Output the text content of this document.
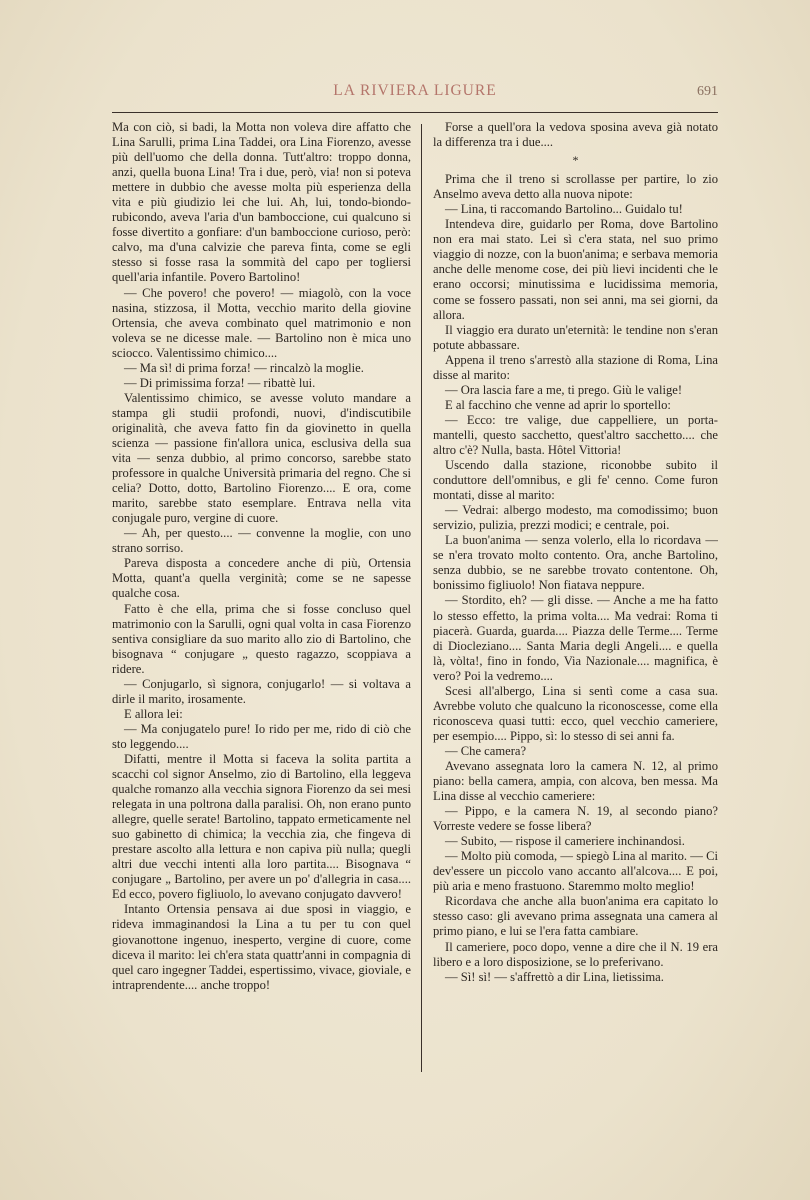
LA RIVIERA LIGURE	691

Ma con ciò, si badi, la Motta non voleva dire affatto che Lina Sarulli, prima Lina Taddei, ora Lina Fiorenzo, avesse più dell'uomo che della donna. Tutt'altro: troppo donna, anzi, quella buona Lina! Tra i due, però, via! non si poteva mettere in dubbio che avesse molta più esperienza della vita e più giudizio lei che lui. Ah, lui, tondo-biondo-rubicondo, aveva l'aria d'un bamboccione, cui qualcuno si fosse divertito a gonfiare: d'un bamboccione curioso, però: calvo, ma d'una calvizie che pareva finta, come se egli stesso si fosse rasa la sommità del capo per togliersi quell'aria infantile. Povero Bartolino!

— Che povero! che povero! — miagolò, con la voce nasina, stizzosa, il Motta, vecchio marito della giovine Ortensia, che aveva combinato quel matrimonio e non voleva se ne dicesse male. — Bartolino non è mica uno sciocco. Valentissimo chimico....

— Ma sì! di prima forza! — rincalzò la moglie.

— Di primissima forza! — ribattè lui.

Valentissimo chimico, se avesse voluto mandare a stampa gli studii profondi, nuovi, d'indiscutibile originalità, che aveva fatto fin da giovinetto in quella scienza — passione fin'allora unica, esclusiva della sua vita — senza dubbio, al primo concorso, sarebbe stato professore in qualche Università primaria del regno. Che si celia? Dotto, dotto, Bartolino Fiorenzo.... E ora, come marito, sarebbe stato esemplare. Entrava nella vita conjugale puro, vergine di cuore.

— Ah, per questo.... — convenne la moglie, con uno strano sorriso.

Pareva disposta a concedere anche di più, Ortensia Motta, quant'a quella verginità; come se ne sapesse qualche cosa.

Fatto è che ella, prima che si fosse concluso quel matrimonio con la Sarulli, ogni qual volta in casa Fiorenzo sentiva consigliare da suo marito allo zio di Bartolino, che bisognava “ conjugare „ questo ragazzo, scoppiava a ridere.

— Conjugarlo, sì signora, conjugarlo! — si voltava a dirle il marito, irosamente.

E allora lei:

— Ma conjugatelo pure! Io rido per me, rido di ciò che sto leggendo....

Difatti, mentre il Motta si faceva la solita partita a scacchi col signor Anselmo, zio di Bartolino, ella leggeva qualche romanzo alla vecchia signora Fiorenzo da sei mesi relegata in una poltrona dalla paralisi. Oh, non erano punto allegre, quelle serate! Bartolino, tappato ermeticamente nel suo gabinetto di chimica; la vecchia zia, che fingeva di prestare ascolto alla lettura e non capiva più nulla; quegli altri due vecchi intenti alla loro partita.... Bisognava “ conjugare „ Bartolino, per avere un po' d'allegria in casa.... Ed ecco, povero figliuolo, lo avevano conjugato davvero!

Intanto Ortensia pensava ai due sposi in viaggio, e rideva immaginandosi la Lina a tu per tu con quel giovanottone ingenuo, inesperto, vergine di cuore, come diceva il marito: lei ch'era stata quattr'anni in compagnia di quel caro ingegner Taddei, espertissimo, vivace, gioviale, e intraprendente.... anche troppo!

Forse a quell'ora la vedova sposina aveva già notato la differenza tra i due....

*

Prima che il treno si scrollasse per partire, lo zio Anselmo aveva detto alla nuova nipote:

— Lina, ti raccomando Bartolino... Guidalo tu!

Intendeva dire, guidarlo per Roma, dove Bartolino non era mai stato. Lei sì c'era stata, nel suo primo viaggio di nozze, con la buon'anima; e serbava memoria anche delle menome cose, dei più lievi incidenti che le erano occorsi; minutissima e lucidissima memoria, come se fossero passati, non sei anni, ma sei giorni, da allora.

Il viaggio era durato un'eternità: le tendine non s'eran potute abbassare.

Appena il treno s'arrestò alla stazione di Roma, Lina disse al marito:

— Ora lascia fare a me, ti prego. Giù le valige!

E al facchino che venne ad aprir lo sportello:

— Ecco: tre valige, due cappelliere, un porta-mantelli, questo sacchetto, quest'altro sacchetto.... che altro c'è? Nulla, basta. Hôtel Vittoria!

Uscendo dalla stazione, riconobbe subito il conduttore dell'omnibus, e gli fe' cenno. Come furon montati, disse al marito:

— Vedrai: albergo modesto, ma comodissimo; buon servizio, pulizia, prezzi modici; e centrale, poi.

La buon'anima — senza volerlo, ella lo ricordava — se n'era trovato molto contento. Ora, anche Bartolino, senza dubbio, se ne sarebbe trovato contentone. Oh, bonissimo figliuolo! Non fiatava neppure.

— Stordito, eh? — gli disse. — Anche a me ha fatto lo stesso effetto, la prima volta.... Ma vedrai: Roma ti piacerà. Guarda, guarda.... Piazza delle Terme.... Terme di Diocleziano.... Santa Maria degli Angeli.... e quella là, vòlta!, fino in fondo, Via Nazionale.... magnifica, è vero? Poi la vedremo....

Scesi all'albergo, Lina si sentì come a casa sua. Avrebbe voluto che qualcuno la riconoscesse, come ella riconosceva quasi tutti: ecco, quel vecchio cameriere, per esempio.... Pippo, sì: lo stesso di sei anni fa.

— Che camera?

Avevano assegnata loro la camera N. 12, al primo piano: bella camera, ampia, con alcova, ben messa. Ma Lina disse al vecchio cameriere:

— Pippo, e la camera N. 19, al secondo piano? Vorreste vedere se fosse libera?

— Subito, — rispose il cameriere inchinandosi.

— Molto più comoda, — spiegò Lina al marito. — Ci dev'essere un piccolo vano accanto all'alcova.... E poi, più aria e meno frastuono. Staremmo molto meglio!

Ricordava che anche alla buon'anima era capitato lo stesso caso: gli avevano prima assegnata una camera al primo piano, e lui se l'era fatta cambiare.

Il cameriere, poco dopo, venne a dire che il N. 19 era libero e a loro disposizione, se lo preferivano.

— Sì! sì! — s'affrettò a dir Lina, lietissima.
